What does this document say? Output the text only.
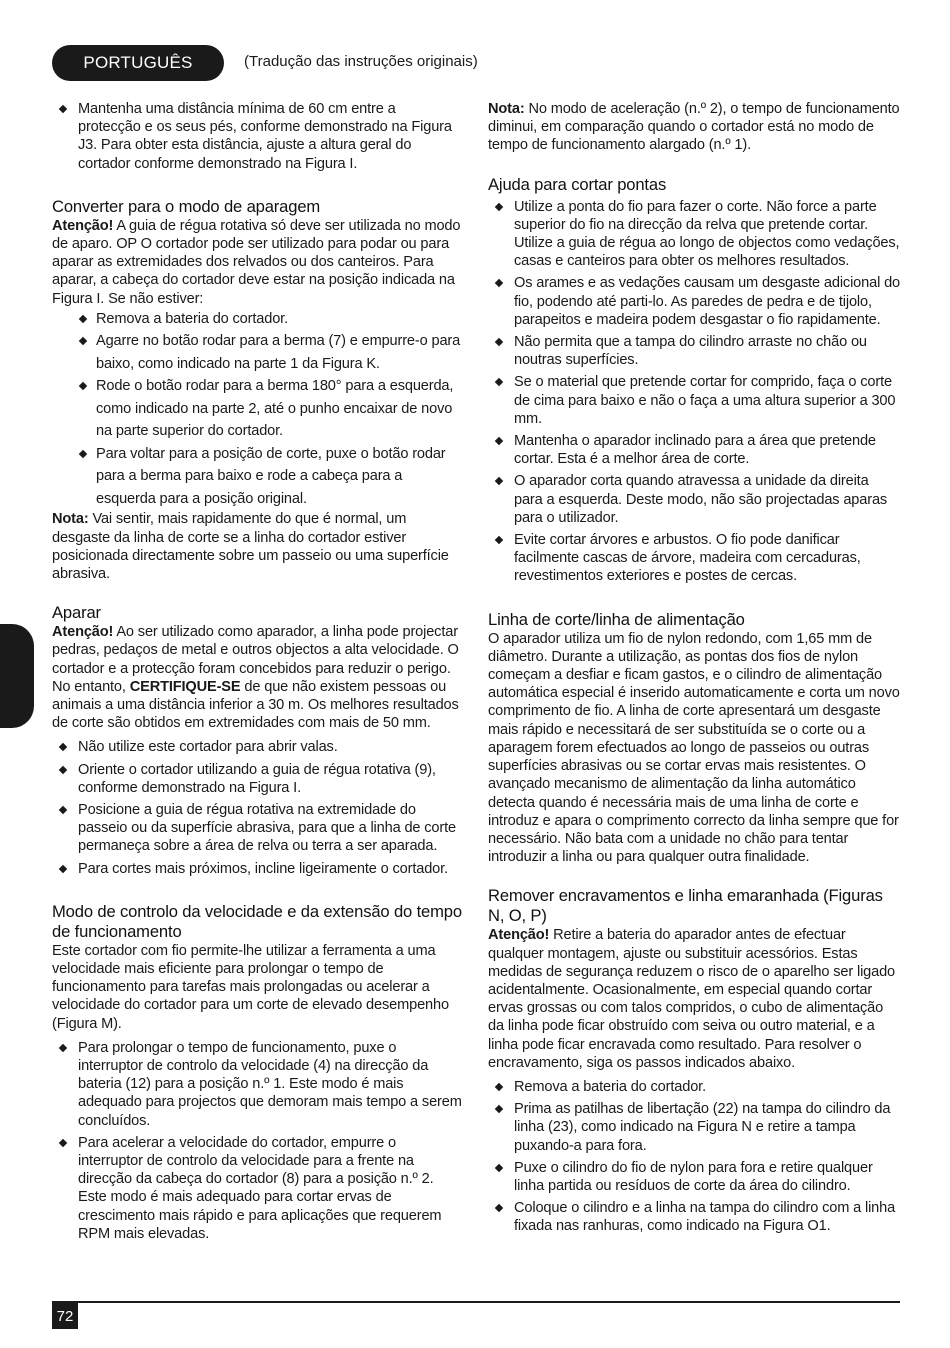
PORTUGUÊS	(Tradução das instruções originais)
Mantenha uma distância mínima de 60 cm entre a protecção e os seus pés, conforme demonstrado na Figura J3. Para obter esta distância, ajuste a altura geral do cortador conforme demonstrado na Figura I.
Converter para o modo de aparagem

Atenção! A guia de régua rotativa só deve ser utilizada no modo de aparo. OP O cortador pode ser utilizado para podar ou para aparar as extremidades dos relvados ou dos canteiros. Para aparar, a cabeça do cortador deve estar na posição indicada na Figura I. Se não estiver:

Remova a bateria do cortador.
Agarre no botão rodar para a berma (7) e empurre-o para baixo, como indicado na parte 1 da Figura K.
Rode o botão rodar para a berma 180° para a esquerda, como indicado na parte 2, até o punho encaixar de novo na parte superior do cortador.
Para voltar para a posição de corte, puxe o botão rodar para a berma para baixo e rode a cabeça para a esquerda para a posição original.

Nota: Vai sentir, mais rapidamente do que é normal, um desgaste da linha de corte se a linha do cortador estiver posicionada directamente sobre um passeio ou uma superfície abrasiva.

Aparar

Atenção! Ao ser utilizado como aparador, a linha pode projectar pedras, pedaços de metal e outros objectos a alta velocidade. O cortador e a protecção foram concebidos para reduzir o perigo. No entanto, CERTIFIQUE-SE de que não existem pessoas ou animais a uma distância inferior a 30 m. Os melhores resultados de corte são obtidos em extremidades com mais de 50 mm.

Não utilize este cortador para abrir valas.
Oriente o cortador utilizando a guia de régua rotativa (9), conforme demonstrado na Figura I.
Posicione a guia de régua rotativa na extremidade do passeio ou da superfície abrasiva, para que a linha de corte permaneça sobre a área de relva ou terra a ser aparada.
Para cortes mais próximos, incline ligeiramente o cortador.
Modo de controlo da velocidade e da extensão do tempo de funcionamento

Este cortador com fio permite-lhe utilizar a ferramenta a uma velocidade mais eficiente para prolongar o tempo de funcionamento para tarefas mais prolongadas ou acelerar a velocidade do cortador para um corte de elevado desempenho (Figura M).

Para prolongar o tempo de funcionamento, puxe o interruptor de controlo da velocidade (4) na direcção da bateria (12) para a posição n.º 1. Este modo é mais adequado para projectos que demoram mais tempo a serem concluídos.
Para acelerar a velocidade do cortador, empurre o interruptor de controlo da velocidade para a frente na direcção da cabeça do cortador (8) para a posição n.º 2. Este modo é mais adequado para cortar ervas de crescimento mais rápido e para aplicações que requerem RPM mais elevadas.

Nota: No modo de aceleração (n.º 2), o tempo de funcionamento diminui, em comparação quando o cortador está no modo de tempo de funcionamento alargado (n.º 1).

Ajuda para cortar pontas
Utilize a ponta do fio para fazer o corte. Não force a parte superior do fio na direcção da relva que pretende cortar. Utilize a guia de régua ao longo de objectos como vedações, casas e canteiros para obter os melhores resultados.
Os arames e as vedações causam um desgaste adicional do fio, podendo até parti-lo. As paredes de pedra e de tijolo, parapeitos e madeira podem desgastar o fio rapidamente.
Não permita que a tampa do cilindro arraste no chão ou noutras superfícies.
Se o material que pretende cortar for comprido, faça o corte de cima para baixo e não o faça a uma altura superior a 300 mm.
Mantenha o aparador inclinado para a área que pretende cortar. Esta é a melhor área de corte.
O aparador corta quando atravessa a unidade da direita para a esquerda. Deste modo, não são projectadas aparas para o utilizador.
Evite cortar árvores e arbustos. O fio pode danificar facilmente cascas de árvore, madeira com cercaduras, revestimentos exteriores e postes de cercas.
Linha de corte/linha de alimentação

O aparador utiliza um fio de nylon redondo, com 1,65 mm de diâmetro. Durante a utilização, as pontas dos fios de nylon começam a desfiar e ficam gastos, e o cilindro de alimentação automática especial é inserido automaticamente e corta um novo comprimento de fio. A linha de corte apresentará um desgaste mais rápido e necessitará de ser substituída se o corte ou a aparagem forem efectuados ao longo de passeios ou outras superfícies abrasivas ou se cortar ervas mais resistentes. O avançado mecanismo de alimentação da linha automático detecta quando é necessária mais de uma linha de corte e introduz e apara o comprimento correcto da linha sempre que for necessário. Não bata com a unidade no chão para tentar introduzir a linha ou para qualquer outra finalidade.

Remover encravamentos e linha emaranhada (Figuras N, O, P)

Atenção! Retire a bateria do aparador antes de efectuar qualquer montagem, ajuste ou substituir acessórios. Estas medidas de segurança reduzem o risco de o aparelho ser ligado acidentalmente. Ocasionalmente, em especial quando cortar ervas grossas ou com talos compridos, o cubo de alimentação da linha pode ficar obstruído com seiva ou outro material, e a linha pode ficar encravada como resultado. Para resolver o encravamento, siga os passos indicados abaixo.

Remova a bateria do cortador.
Prima as patilhas de libertação (22) na tampa do cilindro da linha (23), como indicado na Figura N e retire a tampa puxando-a para fora.
Puxe o cilindro do fio de nylon para fora e retire qualquer linha partida ou resíduos de corte da área do cilindro.
Coloque o cilindro e a linha na tampa do cilindro com a linha fixada nas ranhuras, como indicado na Figura O1.
72
